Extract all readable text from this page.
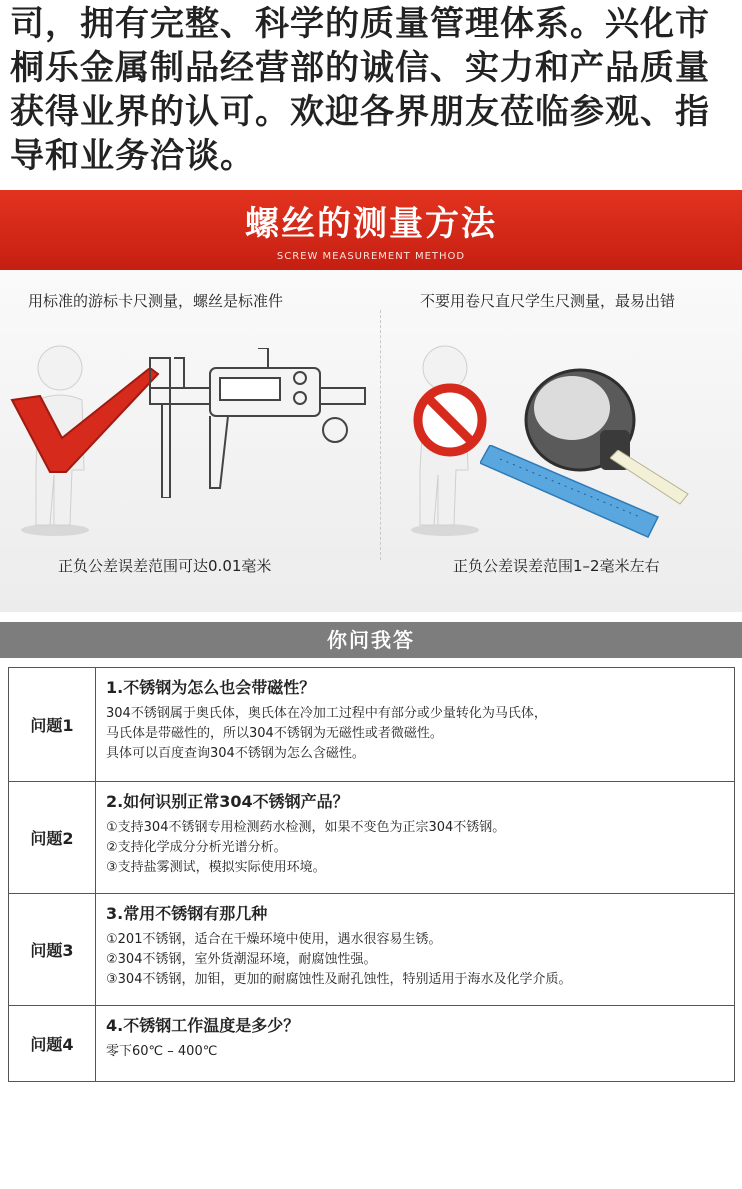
司，拥有完整、科学的质量管理体系。兴化市
桐乐金属制品经营部的诚信、实力和产品质量
获得业界的认可。欢迎各界朋友莅临参观、指
导和业务洽谈。
螺丝的测量方法
SCREW MEASUREMENT METHOD
用标准的游标卡尺测量，螺丝是标准件	不要用卷尺直尺学生尺测量，最易出错
正负公差误差范围可达0.01毫米	正负公差误差范围1–2毫米左右
你问我答
问题1
1.不锈钢为怎么也会带磁性？
304不锈钢属于奥氏体，奥氏体在冷加工过程中有部分或少量转化为马氏体，
马氏体是带磁性的，所以304不锈钢为无磁性或者微磁性。
具体可以百度查询304不锈钢为怎么含磁性。
问题2
2.如何识别正常304不锈钢产品？
①支持304不锈钢专用检测药水检测，如果不变色为正宗304不锈钢。
②支持化学成分分析光谱分析。
③支持盐雾测试，模拟实际使用环境。
问题3
3.常用不锈钢有那几种
①201不锈钢，适合在干燥环境中使用，遇水很容易生锈。
②304不锈钢，室外货潮湿环境，耐腐蚀性强。
③304不锈钢，加钼，更加的耐腐蚀性及耐孔蚀性，特别适用于海水及化学介质。
问题4
4.不锈钢工作温度是多少？
零下60℃ – 400℃
